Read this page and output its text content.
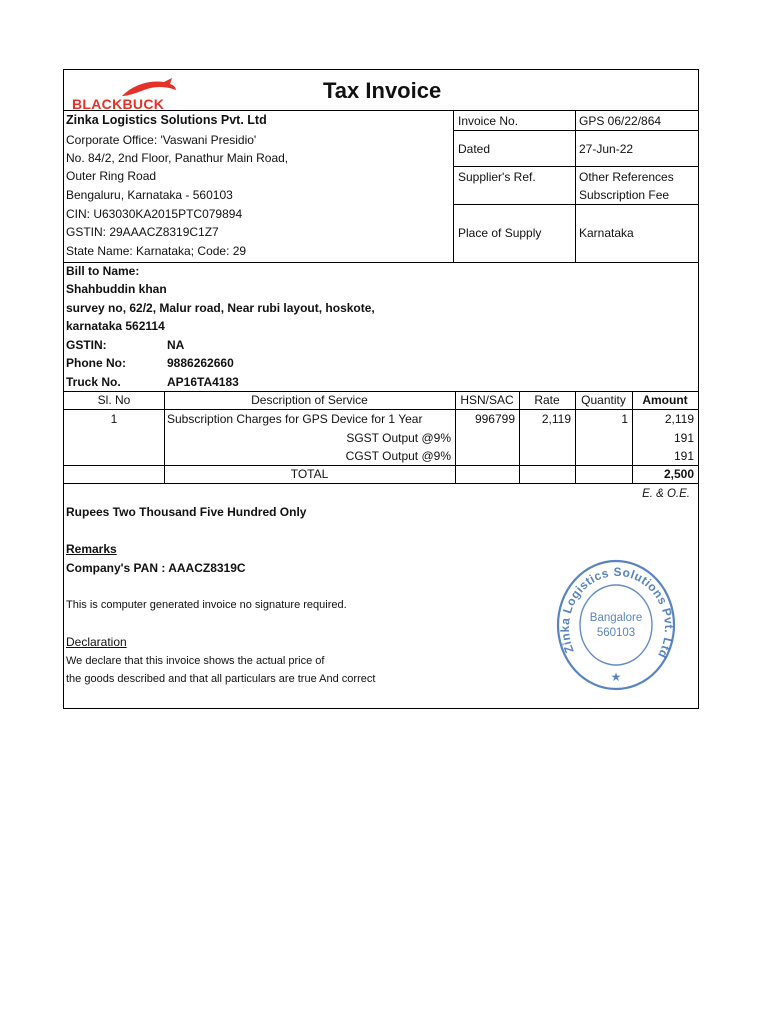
BLACKBUCK
Tax Invoice
Zinka Logistics Solutions Pvt. Ltd
Corporate Office: 'Vaswani Presidio'
No. 84/2, 2nd Floor, Panathur Main Road,
Outer Ring Road
Bengaluru, Karnataka - 560103
CIN: U63030KA2015PTC079894
GSTIN: 29AAACZ8319C1Z7
State Name: Karnataka; Code: 29
Invoice No.	GPS 06/22/864
Dated	27-Jun-22
Supplier's Ref.	Other References
Subscription Fee
Place of Supply	Karnataka
Bill to Name:
Shahbuddin khan
survey no, 62/2, Malur road, Near rubi layout, hoskote,
karnataka 562114
GSTIN:	NA
Phone No:	9886262660
Truck No.	AP16TA4183
Sl. No	Description of Service	HSN/SAC	Rate	Quantity	Amount
1	Subscription Charges for GPS Device for 1 Year	996799	2,119	1	2,119
SGST Output @9%	191
CGST Output @9%	191
TOTAL	2,500
E. & O.E.
Rupees Two Thousand Five Hundred Only
Remarks
Company's PAN : AAACZ8319C
This is computer generated invoice no signature required.
Declaration
We declare that this invoice shows the actual price of
the goods described and that all particulars are true And correct
Zinka Logistics Solutions Pvt. Ltd
Bangalore
560103
★
